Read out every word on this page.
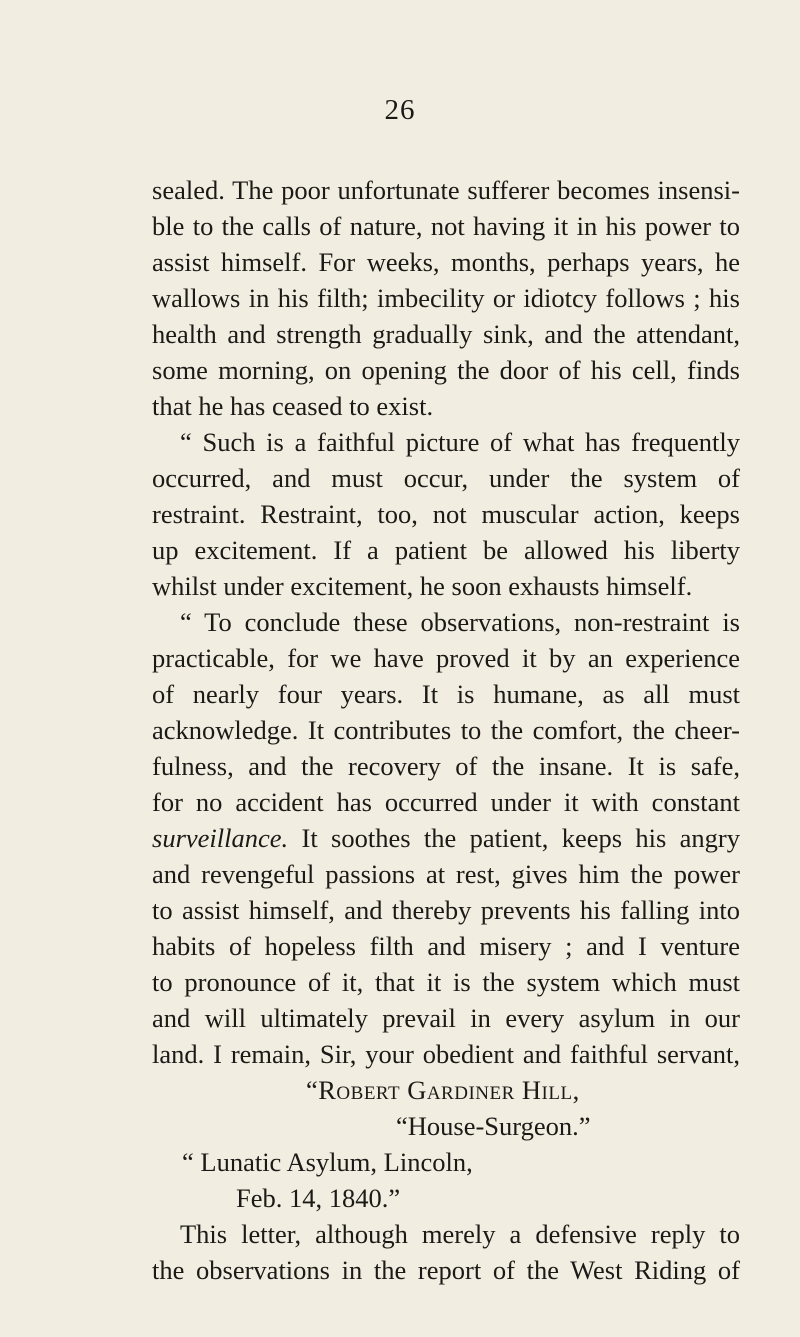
26
sealed. The poor unfortunate sufferer becomes insensi-
ble to the calls of nature, not having it in his power to
assist himself. For weeks, months, perhaps years, he
wallows in his filth; imbecility or idiotcy follows ; his
health and strength gradually sink, and the attendant,
some morning, on opening the door of his cell, finds
that he has ceased to exist.
“ Such is a faithful picture of what has frequently
occurred, and must occur, under the system of
restraint. Restraint, too, not muscular action, keeps
up excitement. If a patient be allowed his liberty
whilst under excitement, he soon exhausts himself.
“ To conclude these observations, non-restraint is
practicable, for we have proved it by an experience
of nearly four years. It is humane, as all must
acknowledge. It contributes to the comfort, the cheer-
fulness, and the recovery of the insane. It is safe,
for no accident has occurred under it with constant
surveillance. It soothes the patient, keeps his angry
and revengeful passions at rest, gives him the power
to assist himself, and thereby prevents his falling into
habits of hopeless filth and misery ; and I venture
to pronounce of it, that it is the system which must
and will ultimately prevail in every asylum in our
land. I remain, Sir, your obedient and faithful servant,
“Robert Gardiner Hill,
“House-Surgeon.”
“ Lunatic Asylum, Lincoln,
Feb. 14, 1840.”
This letter, although merely a defensive reply to
the observations in the report of the West Riding of
